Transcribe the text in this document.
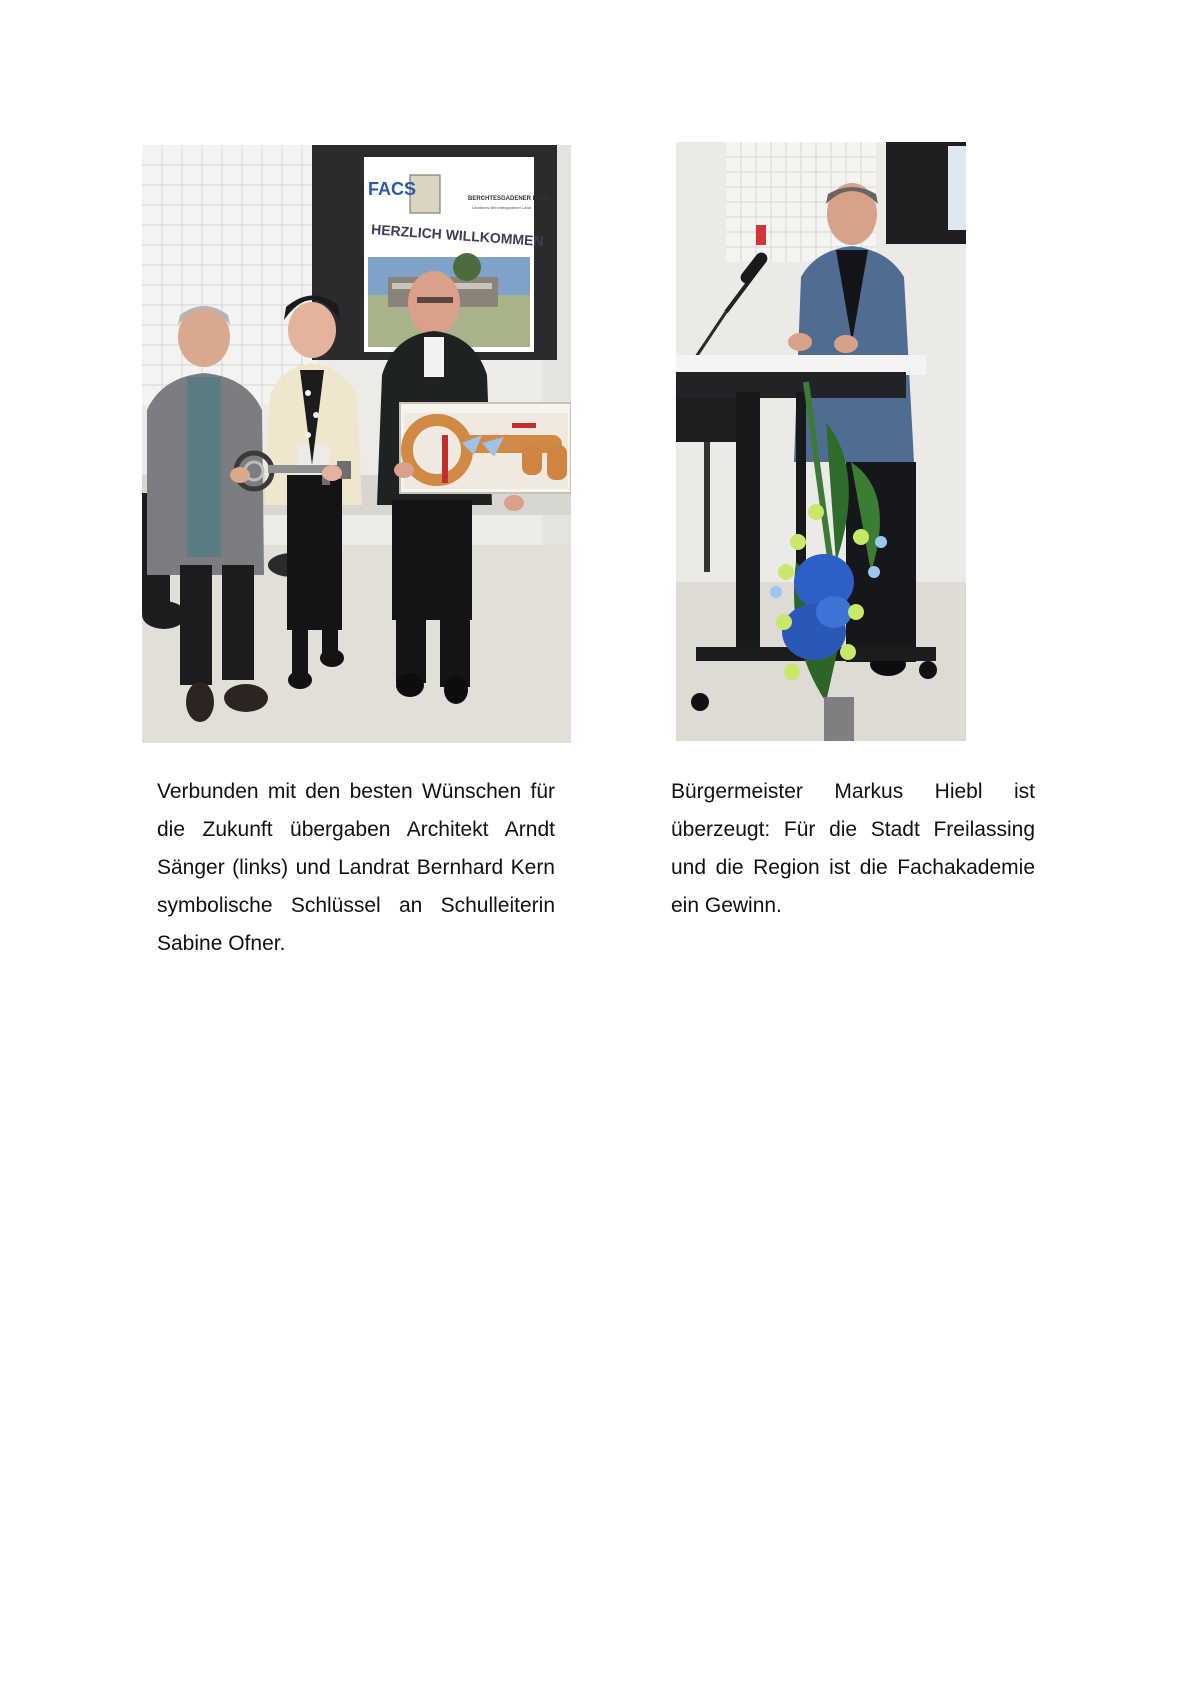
FACS	BERCHTESGADENER LAND
Landkreis Berchtesgadener Land
HERZLICH WILLKOMMEN

Verbunden mit den besten Wünschen für die Zukunft übergaben Architekt Arndt Sänger (links) und Landrat Bernhard Kern symbolische Schlüssel an Schulleiterin Sabine Ofner.

Bürgermeister Markus Hiebl ist überzeugt: Für die Stadt Freilassing und die Region ist die Fachakademie ein Gewinn.
